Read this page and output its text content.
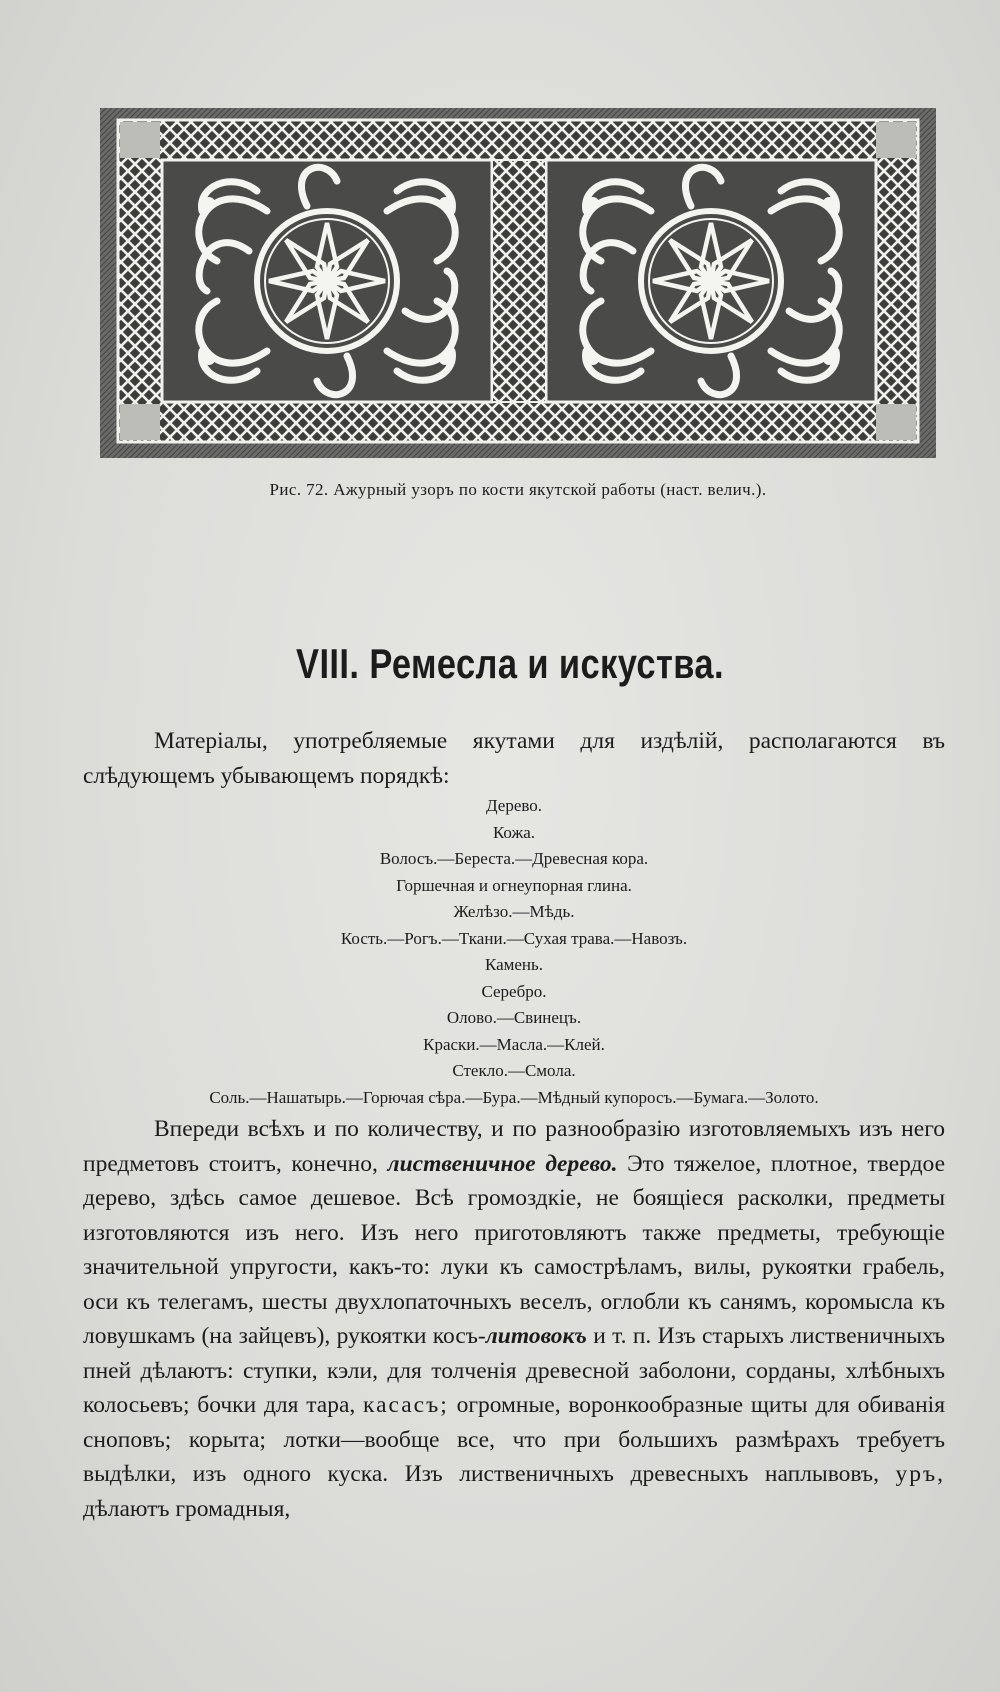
Рис. 72. Ажурный узоръ по кости якутской работы (наст. велич.).
VIII. Ремесла и искуства.

Матеріалы, употребляемые якутами для издѣлій, располагаются въ слѣдующемъ убывающемъ порядкѣ:

Дерево.
Кожа.
Волосъ.—Береста.—Древесная кора.
Горшечная и огнеупорная глина.
Желѣзо.—Мѣдь.
Кость.—Рогъ.—Ткани.—Сухая трава.—Навозъ.
Камень.
Серебро.
Олово.—Свинецъ.
Краски.—Масла.—Клей.
Стекло.—Смола.
Соль.—Нашатырь.—Горючая сѣра.—Бура.—Мѣдный купоросъ.—Бумага.—Золото.

Впереди всѣхъ и по количеству, и по разнообразію изготовляемыхъ изъ него предметовъ стоитъ, конечно, лиственичное дерево. Это тяжелое, плотное, твердое дерево, здѣсь самое дешевое. Всѣ громоздкіе, не боящіеся расколки, предметы изготовляются изъ него. Изъ него приготовляютъ также предметы, требующіе значительной упругости, какъ-то: луки къ самострѣламъ, вилы, рукоятки грабель, оси къ телегамъ, шесты двухлопаточныхъ веселъ, оглобли къ санямъ, коромысла къ ловушкамъ (на зайцевъ), рукоятки косъ-литовокъ и т. п. Изъ старыхъ лиственичныхъ пней дѣлаютъ: ступки, кэли, для толченія древесной заболони, сорданы, хлѣбныхъ колосьевъ; бочки для тара, касасъ; огромные, воронкообразные щиты для обиванія сноповъ; корыта; лотки—вообще все, что при большихъ размѣрахъ требуетъ выдѣлки, изъ одного куска. Изъ лиственичныхъ древесныхъ наплывовъ, уръ, дѣлаютъ громадныя,
